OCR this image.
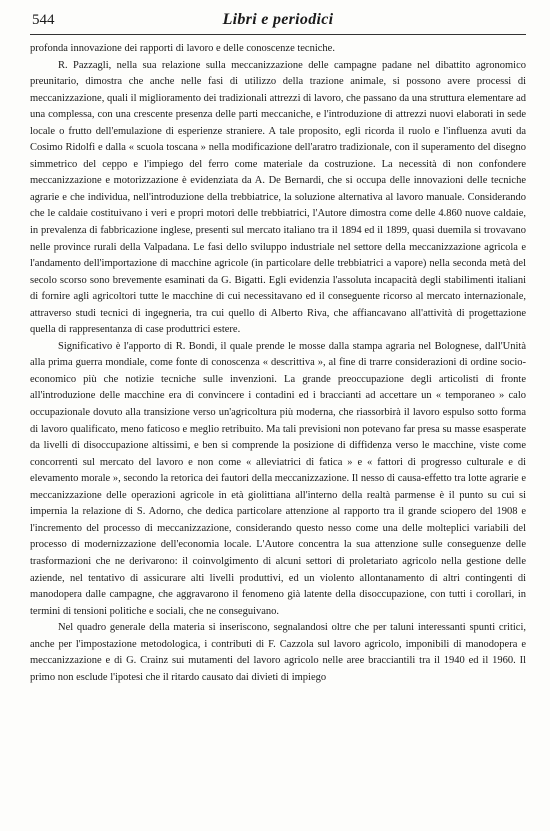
544	Libri e periodici

profonda innovazione dei rapporti di lavoro e delle conoscenze tecniche.

R. Pazzagli, nella sua relazione sulla meccanizzazione delle campagne padane nel dibattito agronomico preunitario, dimostra che anche nelle fasi di utilizzo della trazione animale, si possono avere processi di meccanizzazione, quali il miglioramento dei tradizionali attrezzi di lavoro, che passano da una struttura elementare ad una complessa, con una crescente presenza delle parti meccaniche, e l'introduzione di attrezzi nuovi elaborati in sede locale o frutto dell'emulazione di esperienze straniere. A tale proposito, egli ricorda il ruolo e l'influenza avuti da Cosimo Ridolfi e dalla « scuola toscana » nella modificazione dell'aratro tradizionale, con il superamento del disegno simmetrico del ceppo e l'impiego del ferro come materiale da costruzione. La necessità di non confondere meccanizzazione e motorizzazione è evidenziata da A. De Bernardi, che si occupa delle innovazioni delle tecniche agrarie e che individua, nell'introduzione della trebbiatrice, la soluzione alternativa al lavoro manuale. Considerando che le caldaie costituivano i veri e propri motori delle trebbiatrici, l'Autore dimostra come delle 4.860 nuove caldaie, in prevalenza di fabbricazione inglese, presenti sul mercato italiano tra il 1894 ed il 1899, quasi duemila si trovavano nelle province rurali della Valpadana. Le fasi dello sviluppo industriale nel settore della meccanizzazione agricola e l'andamento dell'importazione di macchine agricole (in particolare delle trebbiatrici a vapore) nella seconda metà del secolo scorso sono brevemente esaminati da G. Bigatti. Egli evidenzia l'assoluta incapacità degli stabilimenti italiani di fornire agli agricoltori tutte le macchine di cui necessitavano ed il conseguente ricorso al mercato internazionale, attraverso studi tecnici di ingegneria, tra cui quello di Alberto Riva, che affiancavano all'attività di progettazione quella di rappresentanza di case produttrici estere.

Significativo è l'apporto di R. Bondi, il quale prende le mosse dalla stampa agraria nel Bolognese, dall'Unità alla prima guerra mondiale, come fonte di conoscenza « descrittiva », al fine di trarre considerazioni di ordine socio-economico più che notizie tecniche sulle invenzioni. La grande preoccupazione degli articolisti di fronte all'introduzione delle macchine era di convincere i contadini ed i braccianti ad accettare un « temporaneo » calo occupazionale dovuto alla transizione verso un'agricoltura più moderna, che riassorbirà il lavoro espulso sotto forma di lavoro qualificato, meno faticoso e meglio retribuito. Ma tali previsioni non potevano far presa su masse esasperate da livelli di disoccupazione altissimi, e ben si comprende la posizione di diffidenza verso le macchine, viste come concorrenti sul mercato del lavoro e non come « alleviatrici di fatica » e « fattori di progresso culturale e di elevamento morale », secondo la retorica dei fautori della meccanizzazione. Il nesso di causa-effetto tra lotte agrarie e meccanizzazione delle operazioni agricole in età giolittiana all'interno della realtà parmense è il punto su cui si impernia la relazione di S. Adorno, che dedica particolare attenzione al rapporto tra il grande sciopero del 1908 e l'incremento del processo di meccanizzazione, considerando questo nesso come una delle molteplici variabili del processo di modernizzazione dell'economia locale. L'Autore concentra la sua attenzione sulle conseguenze delle trasformazioni che ne derivarono: il coinvolgimento di alcuni settori di proletariato agricolo nella gestione delle aziende, nel tentativo di assicurare alti livelli produttivi, ed un violento allontanamento di altri contingenti di manodopera dalle campagne, che aggravarono il fenomeno già latente della disoccupazione, con tutti i corollari, in termini di tensioni politiche e sociali, che ne conseguivano.

Nel quadro generale della materia si inseriscono, segnalandosi oltre che per taluni interessanti spunti critici, anche per l'impostazione metodologica, i contributi di F. Cazzola sul lavoro agricolo, imponibili di manodopera e meccanizzazione e di G. Crainz sui mutamenti del lavoro agricolo nelle aree bracciantili tra il 1940 ed il 1960. Il primo non esclude l'ipotesi che il ritardo causato dai divieti di impiego
